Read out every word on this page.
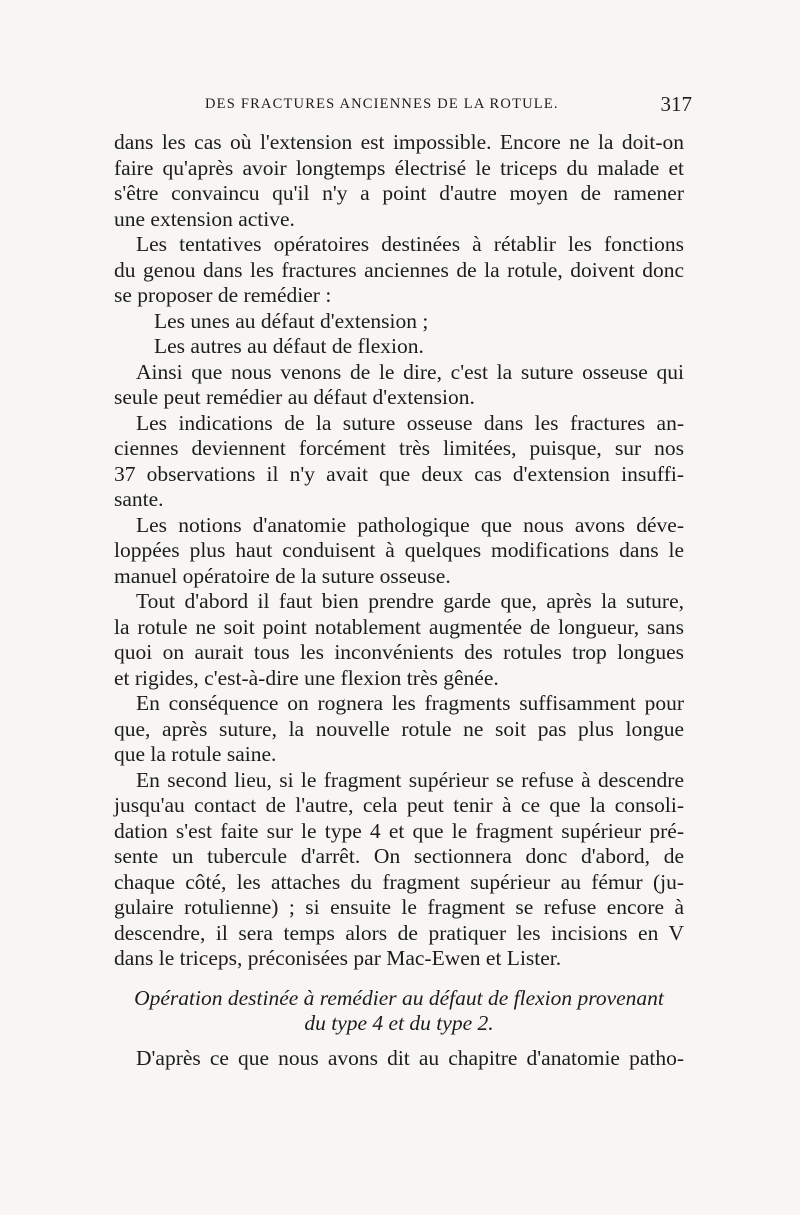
DES FRACTURES ANCIENNES DE LA ROTULE.	317
dans les cas où l'extension est impossible. Encore ne la doit-on
faire qu'après avoir longtemps électrisé le triceps du malade et
s'être convaincu qu'il n'y a point d'autre moyen de ramener
une extension active.
Les tentatives opératoires destinées à rétablir les fonctions
du genou dans les fractures anciennes de la rotule, doivent donc
se proposer de remédier :
Les unes au défaut d'extension ;
Les autres au défaut de flexion.
Ainsi que nous venons de le dire, c'est la suture osseuse qui
seule peut remédier au défaut d'extension.
Les indications de la suture osseuse dans les fractures an-
ciennes deviennent forcément très limitées, puisque, sur nos
37 observations il n'y avait que deux cas d'extension insuffi-
sante.
Les notions d'anatomie pathologique que nous avons déve-
loppées plus haut conduisent à quelques modifications dans le
manuel opératoire de la suture osseuse.
Tout d'abord il faut bien prendre garde que, après la suture,
la rotule ne soit point notablement augmentée de longueur, sans
quoi on aurait tous les inconvénients des rotules trop longues
et rigides, c'est-à-dire une flexion très gênée.
En conséquence on rognera les fragments suffisamment pour
que, après suture, la nouvelle rotule ne soit pas plus longue
que la rotule saine.
En second lieu, si le fragment supérieur se refuse à descendre
jusqu'au contact de l'autre, cela peut tenir à ce que la consoli-
dation s'est faite sur le type 4 et que le fragment supérieur pré-
sente un tubercule d'arrêt. On sectionnera donc d'abord, de
chaque côté, les attaches du fragment supérieur au fémur (ju-
gulaire rotulienne) ; si ensuite le fragment se refuse encore à
descendre, il sera temps alors de pratiquer les incisions en V
dans le triceps, préconisées par Mac-Ewen et Lister.
Opération destinée à remédier au défaut de flexion provenant
du type 4 et du type 2.
D'après ce que nous avons dit au chapitre d'anatomie patho-
